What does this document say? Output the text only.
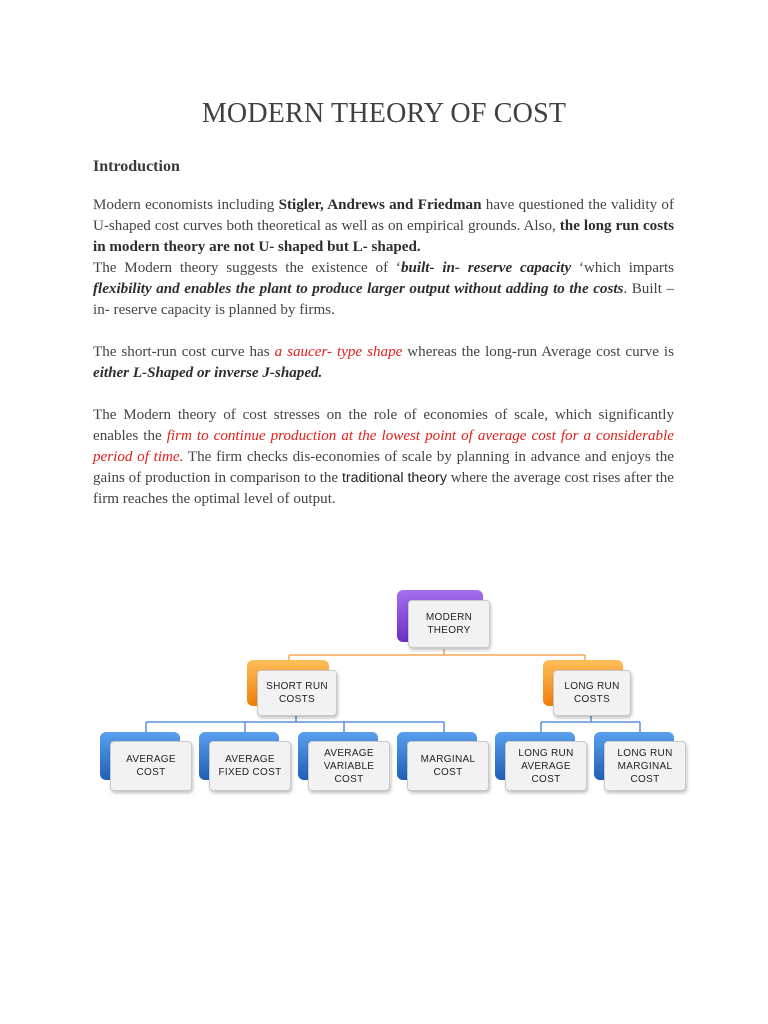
MODERN THEORY OF COST
Introduction
Modern economists including Stigler, Andrews and Friedman have questioned the validity of U-shaped cost curves both theoretical as well as on empirical grounds. Also, the long run costs in modern theory are not U- shaped but L- shaped.
The Modern theory suggests the existence of ‘built- in- reserve capacity ‘which imparts flexibility and enables the plant to produce larger output without adding to the costs. Built –in- reserve capacity is planned by firms.
The short-run cost curve has a saucer- type shape whereas the long-run Average cost curve is either L-Shaped or inverse J-shaped.
The Modern theory of cost stresses on the role of economies of scale, which significantly enables the firm to continue production at the lowest point of average cost for a considerable period of time. The firm checks dis-economies of scale by planning in advance and enjoys the gains of production in comparison to the traditional theory where the average cost rises after the firm reaches the optimal level of output.
MODERN
THEORY
SHORT RUN
COSTS
LONG RUN
COSTS
AVERAGE
COST
AVERAGE
FIXED COST
AVERAGE
VARIABLE
COST
MARGINAL
COST
LONG RUN
AVERAGE
COST
LONG RUN
MARGINAL
COST
